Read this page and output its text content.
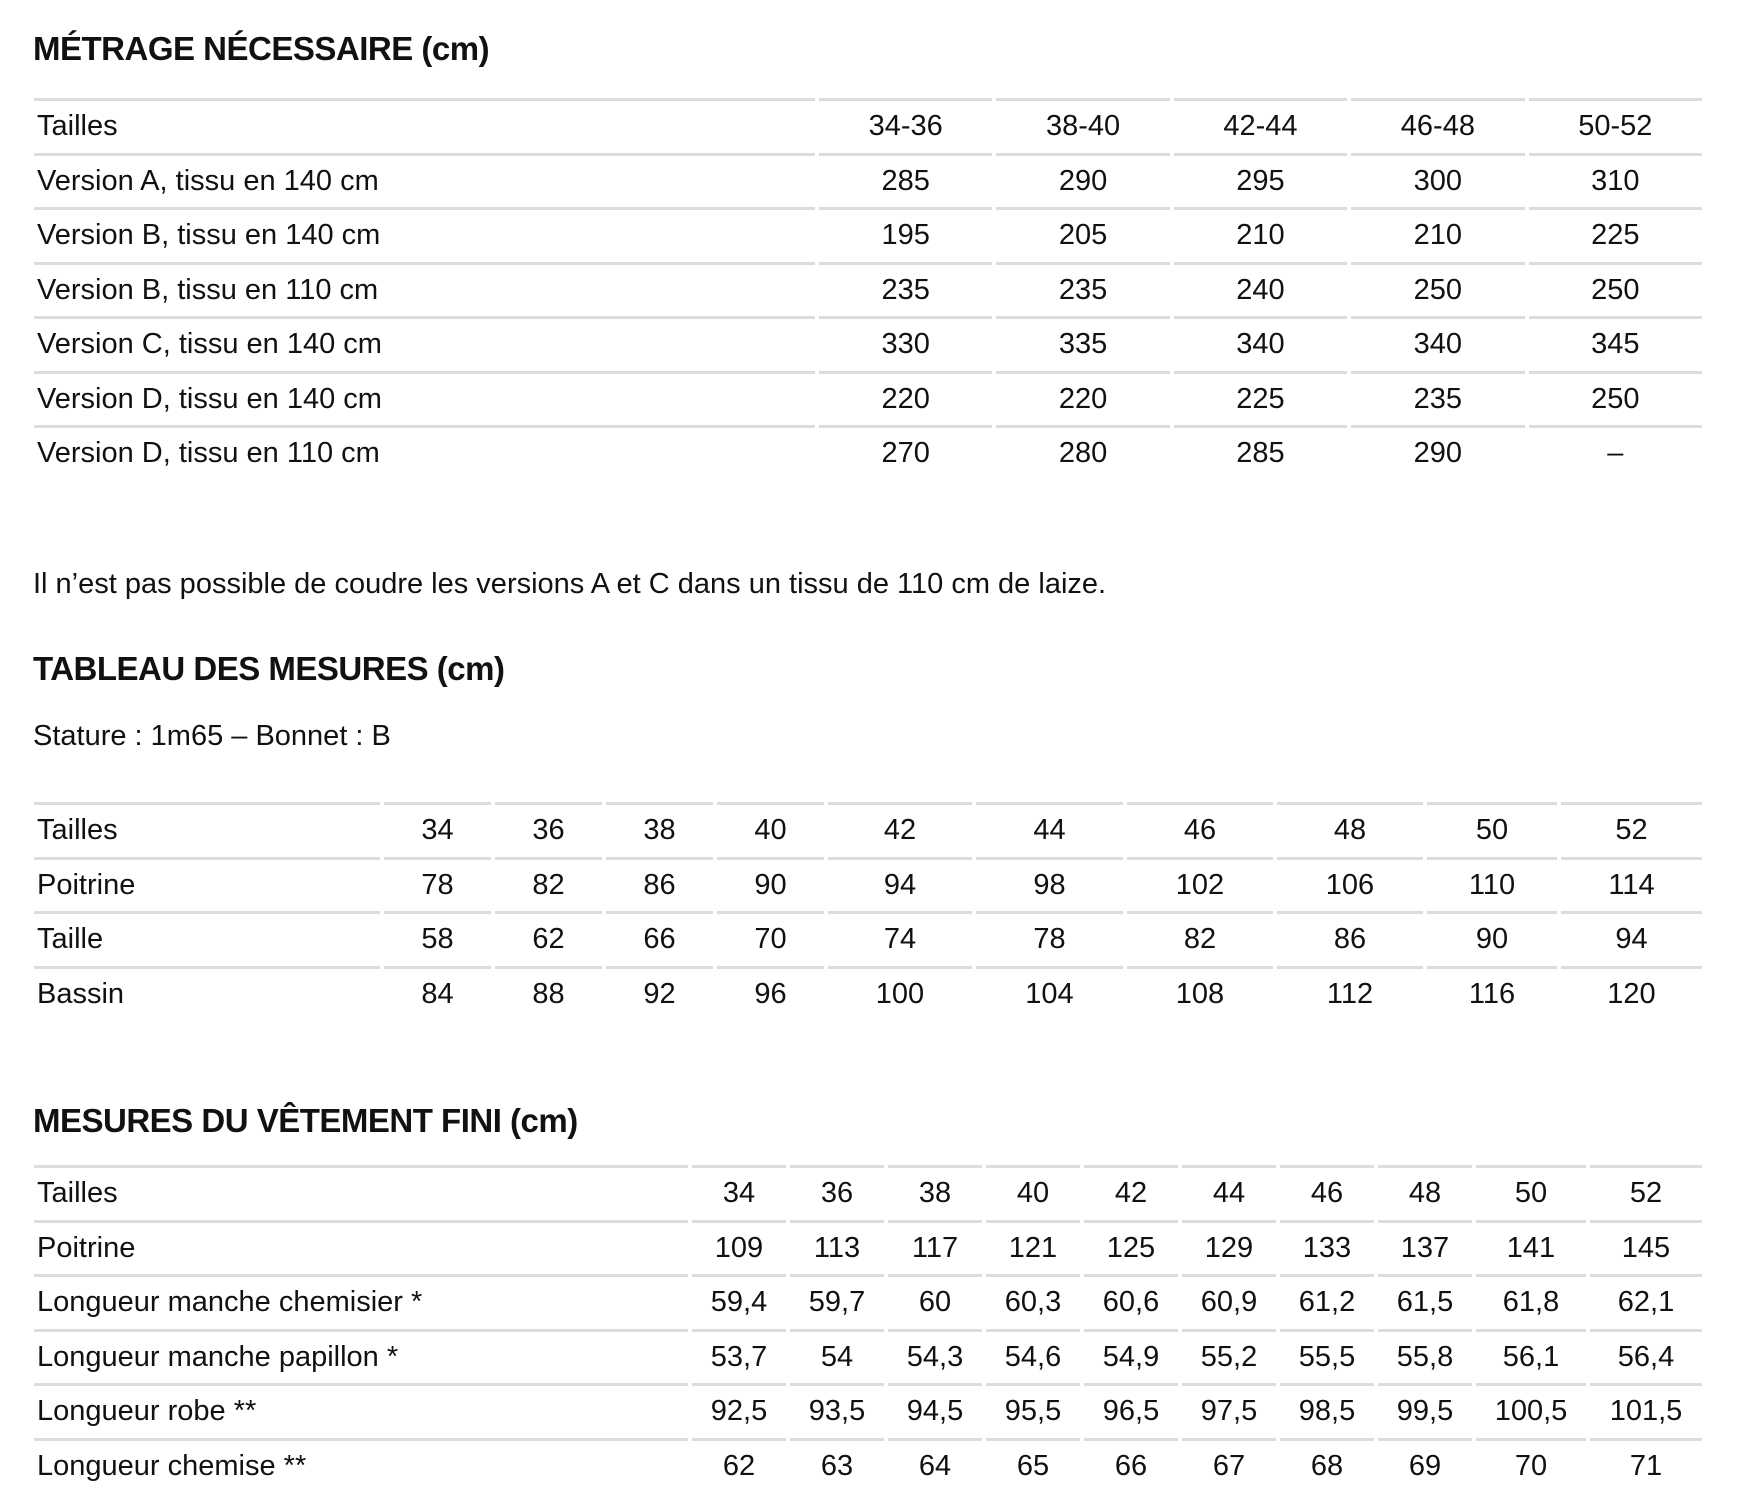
MÉTRAGE NÉCESSAIRE (cm)
Tailles	34-36	38-40	42-44	46-48	50-52
Version A, tissu en 140 cm	285	290	295	300	310
Version B, tissu en 140 cm	195	205	210	210	225
Version B, tissu en 110 cm	235	235	240	250	250
Version C, tissu en 140 cm	330	335	340	340	345
Version D, tissu en 140 cm	220	220	225	235	250
Version D, tissu en 110 cm	270	280	285	290	–

Il n’est pas possible de coudre les versions A et C dans un tissu de 110 cm de laize.

TABLEAU DES MESURES (cm)

Stature : 1m65 – Bonnet : B

Tailles	34	36	38	40	42	44	46	48	50	52
Poitrine	78	82	86	90	94	98	102	106	110	114
Taille	58	62	66	70	74	78	82	86	90	94
Bassin	84	88	92	96	100	104	108	112	116	120
MESURES DU VÊTEMENT FINI (cm)
Tailles	34	36	38	40	42	44	46	48	50	52
Poitrine	109	113	117	121	125	129	133	137	141	145
Longueur manche chemisier *	59,4	59,7	60	60,3	60,6	60,9	61,2	61,5	61,8	62,1
Longueur manche papillon *	53,7	54	54,3	54,6	54,9	55,2	55,5	55,8	56,1	56,4
Longueur robe **	92,5	93,5	94,5	95,5	96,5	97,5	98,5	99,5	100,5	101,5
Longueur chemise **	62	63	64	65	66	67	68	69	70	71
